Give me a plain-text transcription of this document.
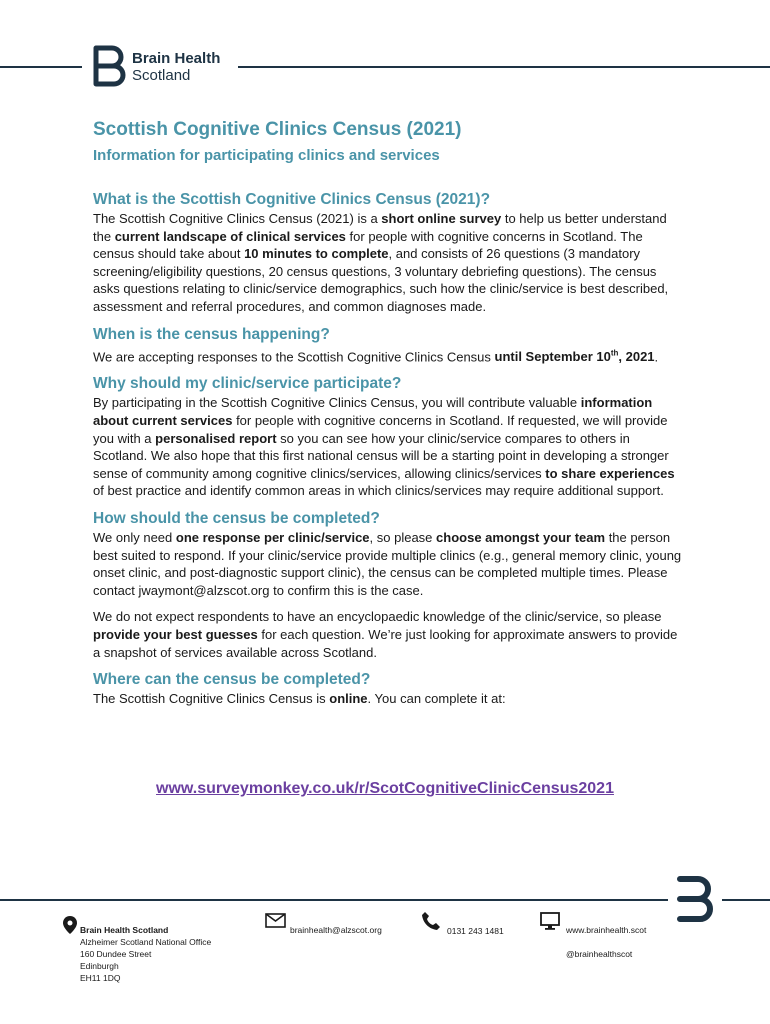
Brain Health
Scotland
Scottish Cognitive Clinics Census (2021)
Information for participating clinics and services
What is the Scottish Cognitive Clinics Census (2021)?

The Scottish Cognitive Clinics Census (2021) is a short online survey to help us better understand the current landscape of clinical services for people with cognitive concerns in Scotland. The census should take about 10 minutes to complete, and consists of 26 questions (3 mandatory screening/eligibility questions, 20 census questions, 3 voluntary debriefing questions). The census asks questions relating to clinic/service demographics, such how the clinic/service is best described, assessment and referral procedures, and common diagnoses made.

When is the census happening?

We are accepting responses to the Scottish Cognitive Clinics Census until September 10th, 2021.

Why should my clinic/service participate?

By participating in the Scottish Cognitive Clinics Census, you will contribute valuable information about current services for people with cognitive concerns in Scotland. If requested, we will provide you with a personalised report so you can see how your clinic/service compares to others in Scotland. We also hope that this first national census will be a starting point in developing a stronger sense of community among cognitive clinics/services, allowing clinics/services to share experiences of best practice and identify common areas in which clinics/services may require additional support.

How should the census be completed?

We only need one response per clinic/service, so please choose amongst your team the person best suited to respond. If your clinic/service provide multiple clinics (e.g., general memory clinic, young onset clinic, and post-diagnostic support clinic), the census can be completed multiple times. Please contact jwaymont@alzscot.org to confirm this is the case.

We do not expect respondents to have an encyclopaedic knowledge of the clinic/service, so please provide your best guesses for each question. We’re just looking for approximate answers to provide a snapshot of services available across Scotland.

Where can the census be completed?

The Scottish Cognitive Clinics Census is online. You can complete it at:

www.surveymonkey.co.uk/r/ScotCognitiveClinicCensus2021
Brain Health Scotland
Alzheimer Scotland National Office
160 Dundee Street
Edinburgh
EH11 1DQ
brainhealth@alzscot.org	0131 243 1481	www.brainhealth.scot
@brainhealthscot
